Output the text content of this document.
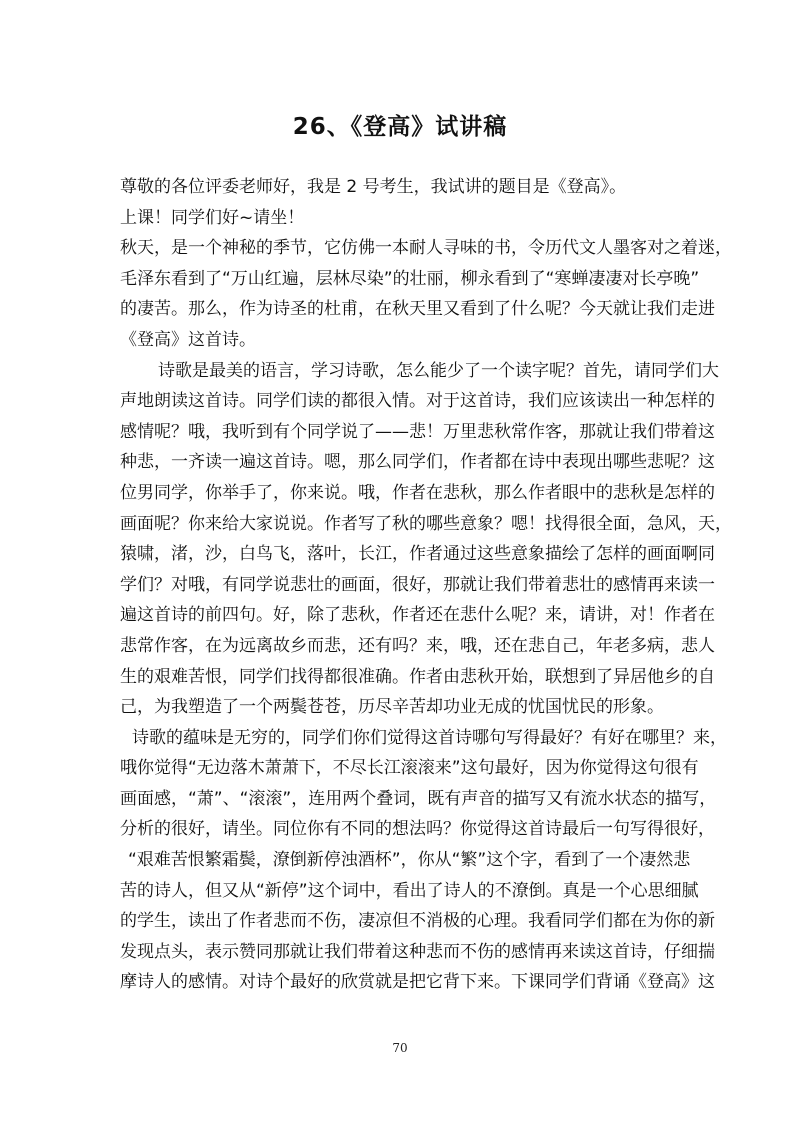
26、《登高》试讲稿

尊敬的各位评委老师好，我是 2 号考生，我试讲的题目是《登高》。

上课！同学们好~请坐！

秋天，是一个神秘的季节，它仿佛一本耐人寻味的书，令历代文人墨客对之着迷，

毛泽东看到了“万山红遍，层林尽染”的壮丽，柳永看到了“寒蝉凄凄对长亭晚”

的凄苦。那么，作为诗圣的杜甫，在秋天里又看到了什么呢？今天就让我们走进

《登高》这首诗。

诗歌是最美的语言，学习诗歌，怎么能少了一个读字呢？首先，请同学们大

声地朗读这首诗。同学们读的都很入情。对于这首诗，我们应该读出一种怎样的

感情呢？哦，我听到有个同学说了——悲！万里悲秋常作客，那就让我们带着这

种悲，一齐读一遍这首诗。嗯，那么同学们，作者都在诗中表现出哪些悲呢？这

位男同学，你举手了，你来说。哦，作者在悲秋，那么作者眼中的悲秋是怎样的

画面呢？你来给大家说说。作者写了秋的哪些意象？嗯！找得很全面，急风，天，

猿啸，渚，沙，白鸟飞，落叶，长江，作者通过这些意象描绘了怎样的画面啊同

学们？对哦，有同学说悲壮的画面，很好，那就让我们带着悲壮的感情再来读一

遍这首诗的前四句。好，除了悲秋，作者还在悲什么呢？来，请讲，对！作者在

悲常作客，在为远离故乡而悲，还有吗？来，哦，还在悲自己，年老多病，悲人

生的艰难苦恨，同学们找得都很准确。作者由悲秋开始，联想到了异居他乡的自

己，为我塑造了一个两鬓苍苍，历尽辛苦却功业无成的忧国忧民的形象。

诗歌的蕴味是无穷的，同学们你们觉得这首诗哪句写得最好？有好在哪里？来，

哦你觉得“无边落木萧萧下，不尽长江滚滚来”这句最好，因为你觉得这句很有

画面感，“萧”、“滚滚”，连用两个叠词，既有声音的描写又有流水状态的描写，

分析的很好，请坐。同位你有不同的想法吗？你觉得这首诗最后一句写得很好，

“艰难苦恨繁霜鬓，潦倒新停浊酒杯”，你从“繁”这个字，看到了一个凄然悲

苦的诗人，但又从“新停”这个词中，看出了诗人的不潦倒。真是一个心思细腻

的学生，读出了作者悲而不伤，凄凉但不消极的心理。我看同学们都在为你的新

发现点头，表示赞同那就让我们带着这种悲而不伤的感情再来读这首诗，仔细揣

摩诗人的感情。对诗个最好的欣赏就是把它背下来。下课同学们背诵《登高》这

70
